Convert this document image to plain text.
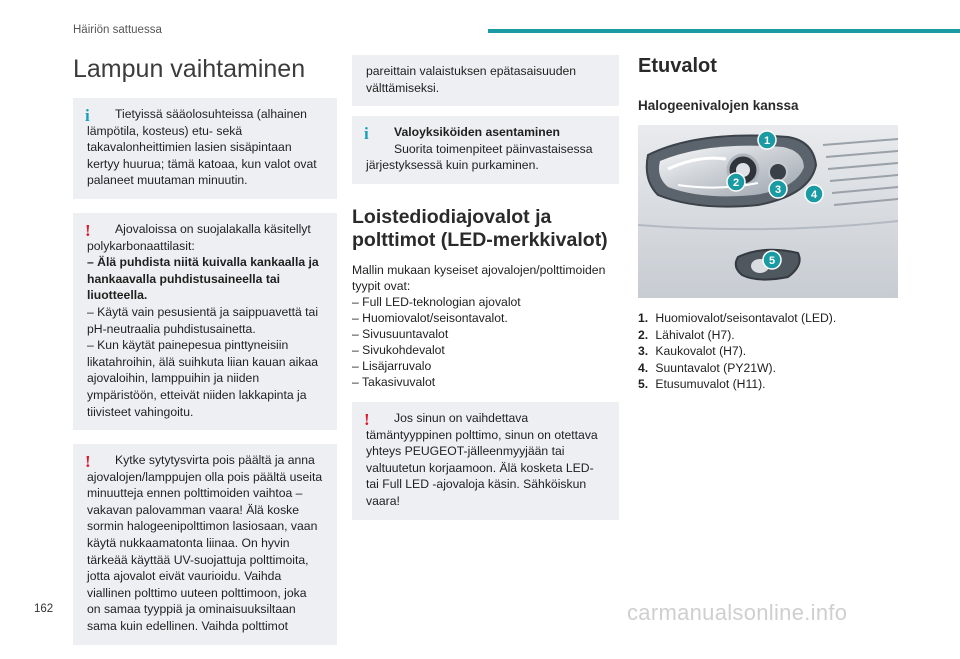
Häiriön sattuessa
Lampun vaihtaminen
i	Tietyissä sääolosuhteissa (alhainen lämpötila, kosteus) etu- sekä takavalonheittimien lasien sisäpintaan kertyy huurua; tämä katoaa, kun valot ovat palaneet muutaman minuutin.

!	Ajovaloissa on suojalakalla käsitellyt polykarbonaattilasit:

– Älä puhdista niitä kuivalla kankaalla ja hankaavalla puhdistusaineella tai liuotteella.

– Käytä vain pesusientä ja saippuavettä tai pH-neutraalia puhdistusainetta.

– Kun käytät painepesua pinttyneisiin likatahroihin, älä suihkuta liian kauan aikaa ajovaloihin, lamppuihin ja niiden ympäristöön, etteivät niiden lakkapinta ja tiivisteet vahingoitu.

!	Kytke sytytysvirta pois päältä ja anna ajovalojen/lamppujen olla pois päältä useita minuutteja ennen polttimoiden vaihtoa – vakavan palovamman vaara! Älä koske sormin halogeenipolttimon lasiosaan, vaan käytä nukkaamatonta liinaa. On hyvin tärkeää käyttää UV-suojattuja polttimoita, jotta ajovalot eivät vaurioidu. Vaihda viallinen polttimo uuteen polttimoon, joka on samaa tyyppiä ja ominaisuuksiltaan sama kuin edellinen. Vaihda polttimot

pareittain valaistuksen epätasaisuuden välttämiseksi.

i	Valoyksiköiden asentaminen

Suorita toimenpiteet päinvastaisessa järjestyksessä kuin purkaminen.

Loistediodiajovalot ja polttimot (LED-merkkivalot)

Mallin mukaan kyseiset ajovalojen/polttimoiden tyypit ovat:

– Full LED-teknologian ajovalot

– Huomiovalot/seisontavalot.

– Sivusuuntavalot

– Sivukohdevalot

– Lisäjarruvalo

– Takasivuvalot

!	Jos sinun on vaihdettava tämäntyyppinen polttimo, sinun on otettava yhteys PEUGEOT-jälleenmyyjään tai valtuutetun korjaamoon. Älä kosketa LED- tai Full LED -ajovaloja käsin. Sähköiskun vaara!

Etuvalot
Halogeenivalojen kanssa
1
2
3	4
5
1. Huomiovalot/seisontavalot (LED).
2. Lähivalot (H7).
3. Kaukovalot (H7).
4. Suuntavalot (PY21W).
5. Etusumuvalot (H11).
162	carmanualsonline.info
